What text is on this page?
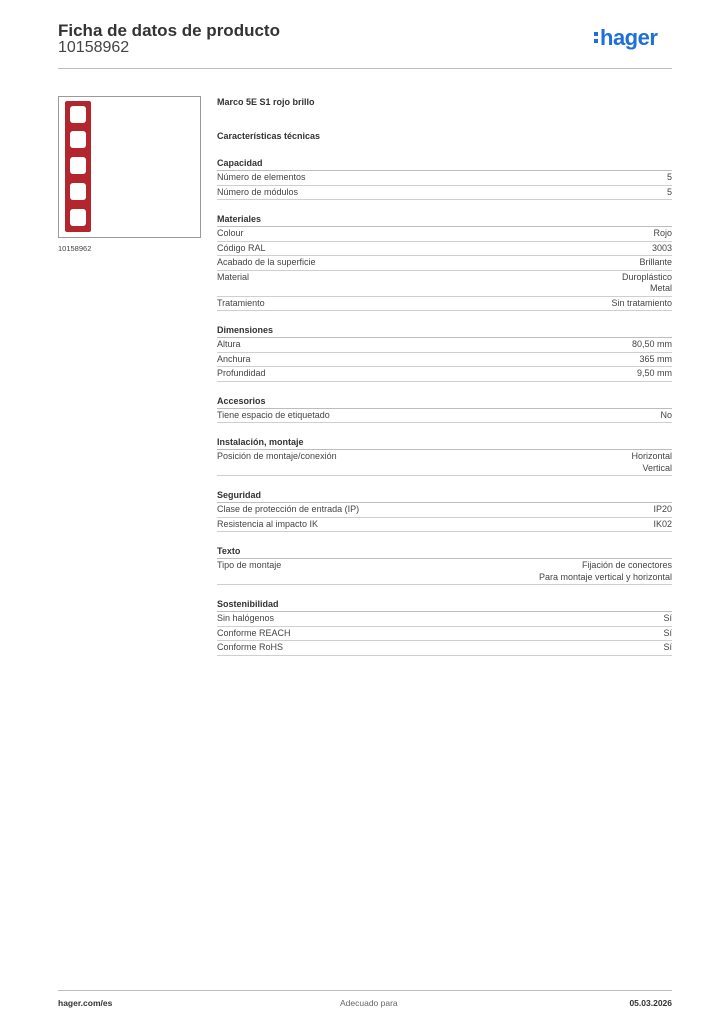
Ficha de datos de producto
10158962	hager
10158962
Marco 5E S1 rojo brillo
Características técnicas
Capacidad
Número de elementos	5
Número de módulos	5
Materiales
Colour	Rojo
Código RAL	3003
Acabado de la superficie	Brillante
Material	Duroplástico
Metal
Tratamiento	Sin tratamiento
Dimensiones
Altura	80,50 mm
Anchura	365 mm
Profundidad	9,50 mm
Accesorios
Tiene espacio de etiquetado	No
Instalación, montaje
Posición de montaje/conexión	Horizontal
Vertical
Seguridad
Clase de protección de entrada (IP)	IP20
Resistencia al impacto IK	IK02
Texto
Tipo de montaje	Fijación de conectores
Para montaje vertical y horizontal
Sostenibilidad
Sin halógenos	Sí
Conforme REACH	Sí
Conforme RoHS	Sí
hager.com/es	Adecuado para	05.03.2026
